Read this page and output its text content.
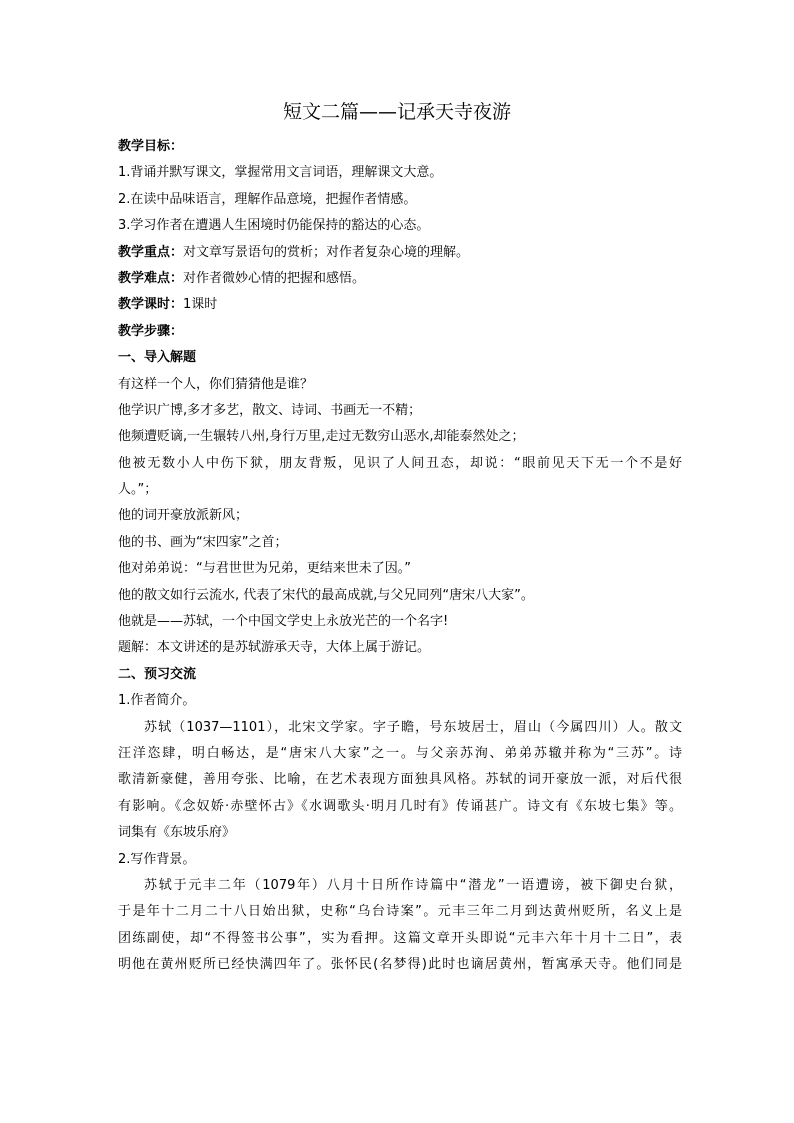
短文二篇——记承天寺夜游

教学目标：

1.背诵并默写课文，掌握常用文言词语，理解课文大意。

2.在读中品味语言，理解作品意境，把握作者情感。

3.学习作者在遭遇人生困境时仍能保持的豁达的心态。

教学重点：对文章写景语句的赏析；对作者复杂心境的理解。

教学难点：对作者微妙心情的把握和感悟。

教学课时：1课时

教学步骤：

一、导入解题

有这样一个人，你们猜猜他是谁？

他学识广博,多才多艺，散文、诗词、书画无一不精；

他频遭贬谪,一生辗转八州,身行万里,走过无数穷山恶水,却能泰然处之；

他被无数小人中伤下狱，朋友背叛，见识了人间丑态，却说：“眼前见天下无一个不是好

人。”；

他的词开豪放派新风；

他的书、画为“宋四家”之首；

他对弟弟说：“与君世世为兄弟，更结来世未了因。”

他的散文如行云流水, 代表了宋代的最高成就,与父兄同列“唐宋八大家”。

他就是——苏轼，一个中国文学史上永放光芒的一个名字!

题解：本文讲述的是苏轼游承天寺，大体上属于游记。

二、预习交流

1.作者简介。

苏轼（1037—1101），北宋文学家。字子瞻，号东坡居士，眉山（今属四川）人。散文

汪洋恣肆，明白畅达，是“唐宋八大家”之一。与父亲苏洵、弟弟苏辙并称为“三苏”。诗

歌清新豪健，善用夸张、比喻，在艺术表现方面独具风格。苏轼的词开豪放一派，对后代很

有影响。《念奴娇·赤壁怀古》《水调歌头·明月几时有》传诵甚广。诗文有《东坡七集》等。

词集有《东坡乐府》

2.写作背景。

苏轼于元丰二年（1079年）八月十日所作诗篇中“潜龙”一语遭谤，被下御史台狱，

于是年十二月二十八日始出狱，史称“乌台诗案”。元丰三年二月到达黄州贬所，名义上是

团练副使，却“不得签书公事”，实为看押。这篇文章开头即说“元丰六年十月十二日”，表

明他在黄州贬所已经快满四年了。张怀民(名梦得)此时也谪居黄州，暂寓承天寺。他们同是
